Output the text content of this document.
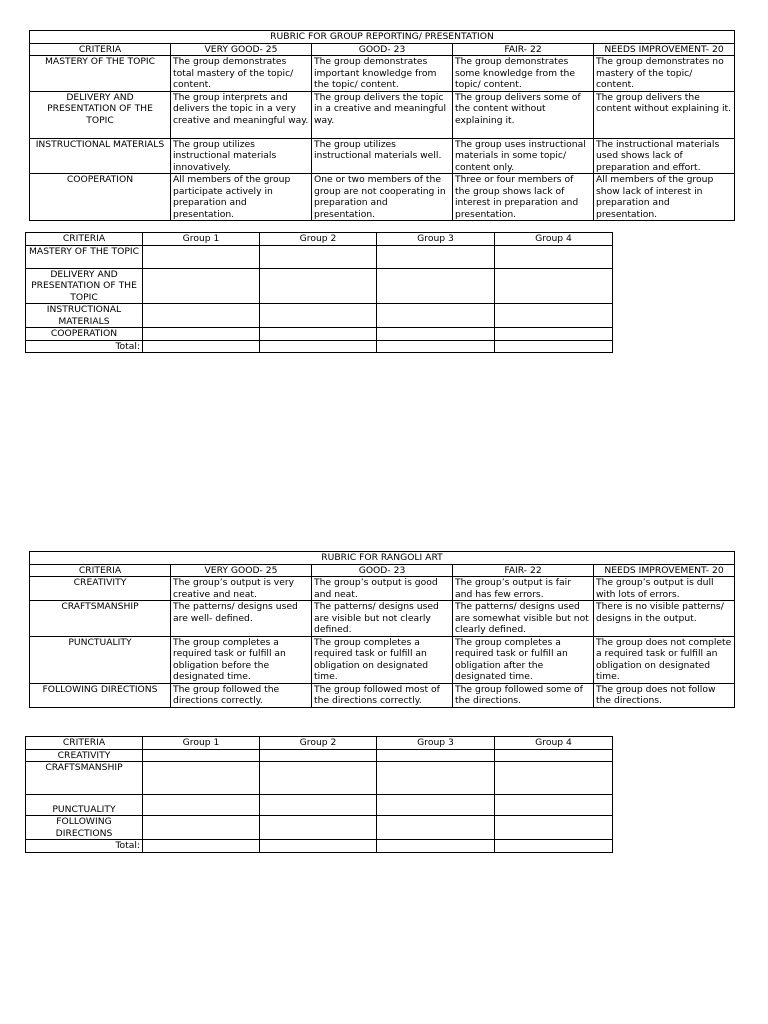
RUBRIC FOR GROUP REPORTING/ PRESENTATION				
CRITERIA	VERY GOOD- 25	GOOD- 23	FAIR- 22	NEEDS IMPROVEMENT- 20
MASTERY OF THE TOPIC	The group demonstrates total mastery of the topic/ content.	The group demonstrates important knowledge from the topic/ content.	The group demonstrates some knowledge from the topic/ content.	The group demonstrates no mastery of the topic/ content.
DELIVERY AND PRESENTATION OF THE TOPIC	The group interprets and delivers the topic in a very creative and meaningful way.	The group delivers the topic in a creative and meaningful way.	The group delivers some of the content without explaining it.	The group delivers the content without explaining it.
INSTRUCTIONAL MATERIALS	The group utilizes instructional materials innovatively.	The group utilizes instructional materials well.	The group uses instructional materials in some topic/ content only.	The instructional materials used shows lack of preparation and effort.
COOPERATION	All members of the group participate actively in preparation and presentation.	One or two members of the group are not cooperating in preparation and presentation.	Three or four members of the group shows lack of interest in preparation and presentation.	All members of the group show lack of interest in preparation and presentation.
CRITERIA	Group 1	Group 2	Group 3	Group 4
MASTERY OF THE TOPIC				
DELIVERY AND PRESENTATION OF THE TOPIC				
INSTRUCTIONAL MATERIALS				
COOPERATION				
Total:				
RUBRIC FOR RANGOLI ART				
CRITERIA	VERY GOOD- 25	GOOD- 23	FAIR- 22	NEEDS IMPROVEMENT- 20
CREATIVITY	The group’s output is very creative and neat.	The group’s output is good and neat.	The group’s output is fair and has few errors.	The group’s output is dull with lots of errors.
CRAFTSMANSHIP	The patterns/ designs used are well- defined.	The patterns/ designs used are visible but not clearly defined.	The patterns/ designs used are somewhat visible but not clearly defined.	There is no visible patterns/ designs in the output.
PUNCTUALITY	The group completes a required task or fulfill an obligation before the designated time.	The group completes a required task or fulfill an obligation on designated time.	The group completes a required task or fulfill an obligation after the designated time.	The group does not complete a required task or fulfill an obligation on designated time.
FOLLOWING DIRECTIONS	The group followed the directions correctly.	The group followed most of the directions correctly.	The group followed some of the directions.	The group does not follow the directions.
CRITERIA	Group 1	Group 2	Group 3	Group 4
CREATIVITY				
CRAFTSMANSHIP				
PUNCTUALITY				
FOLLOWING DIRECTIONS				
Total:				
